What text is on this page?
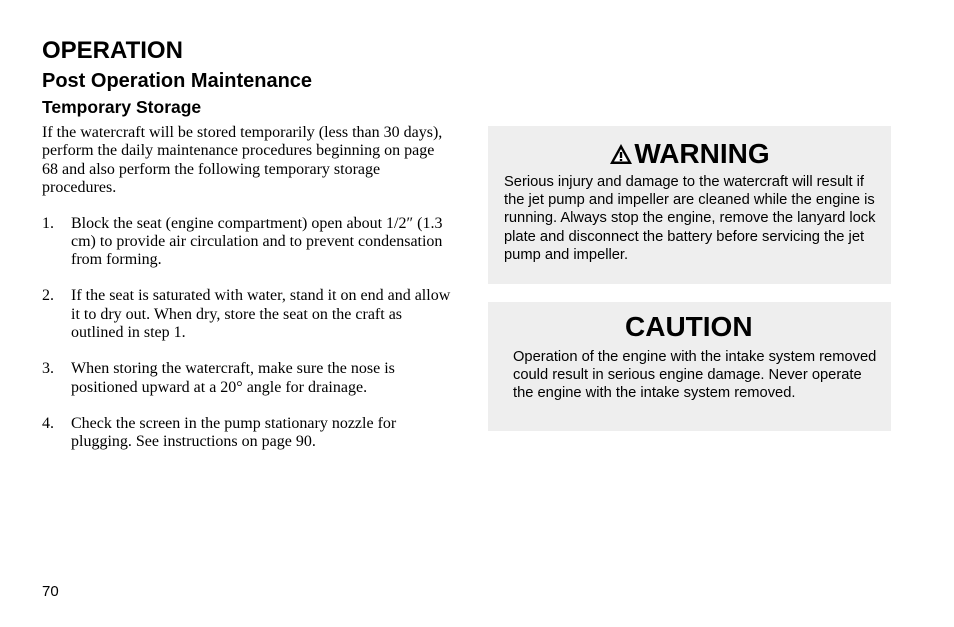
OPERATION
Post Operation Maintenance
Temporary Storage

If the watercraft will be stored temporarily (less than 30 days), perform the daily maintenance procedures beginning on page 68 and also perform the following temporary storage procedures.

1. Block the seat (engine compartment) open about 1/2″ (1.3 cm) to provide air circulation and to prevent condensation from forming.
2. If the seat is saturated with water, stand it on end and allow it to dry out. When dry, store the seat on the craft as outlined in step 1.
3. When storing the watercraft, make sure the nose is positioned upward at a 20° angle for drainage.
4. Check the screen in the pump stationary nozzle for plugging. See instructions on page 90.
WARNING

Serious injury and damage to the watercraft will result if the jet pump and impeller are cleaned while the engine is running. Always stop the engine, remove the lanyard lock plate and disconnect the battery before servicing the jet pump and impeller.

CAUTION

Operation of the engine with the intake system removed could result in serious engine damage. Never operate the engine with the intake system removed.

70
